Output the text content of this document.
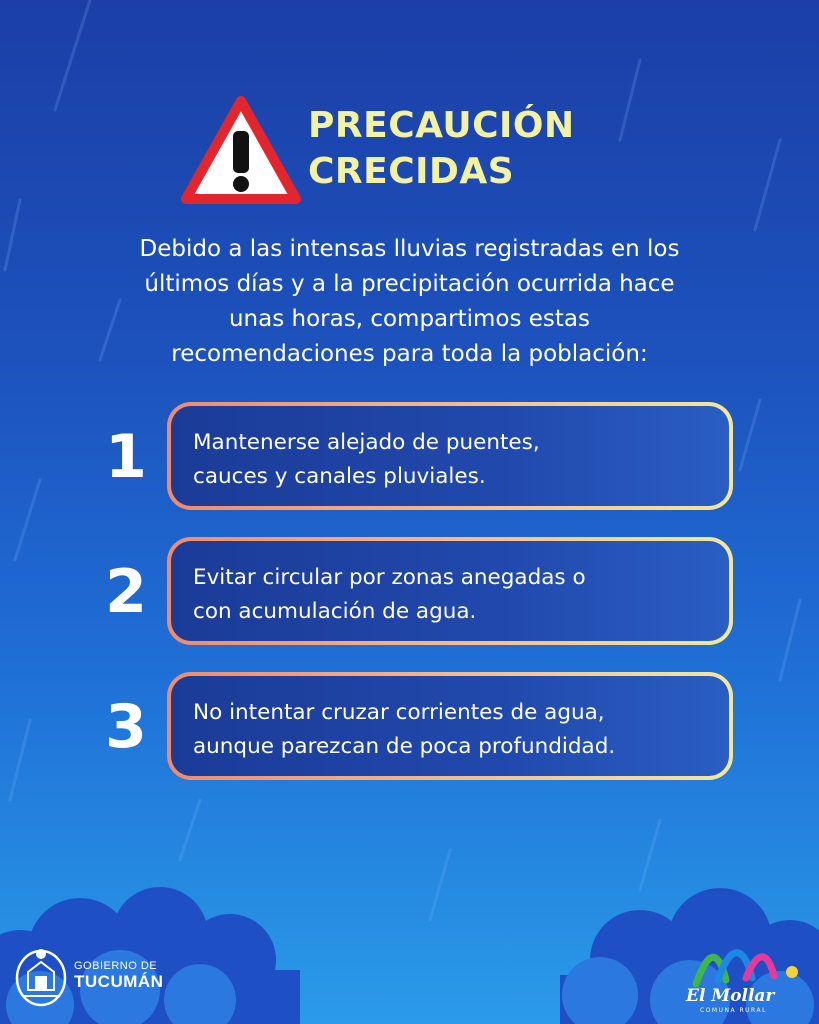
PRECAUCIÓN
CRECIDAS
Debido a las intensas lluvias registradas en los
últimos días y a la precipitación ocurrida hace
unas horas, compartimos estas
recomendaciones para toda la población:
1	Mantenerse alejado de puentes,
cauces y canales pluviales.
2	Evitar circular por zonas anegadas o
con acumulación de agua.
3	No intentar cruzar corrientes de agua,
aunque parezcan de poca profundidad.
GOBIERNO DE
TUCUMÁN
El Mollar
COMUNA RURAL
